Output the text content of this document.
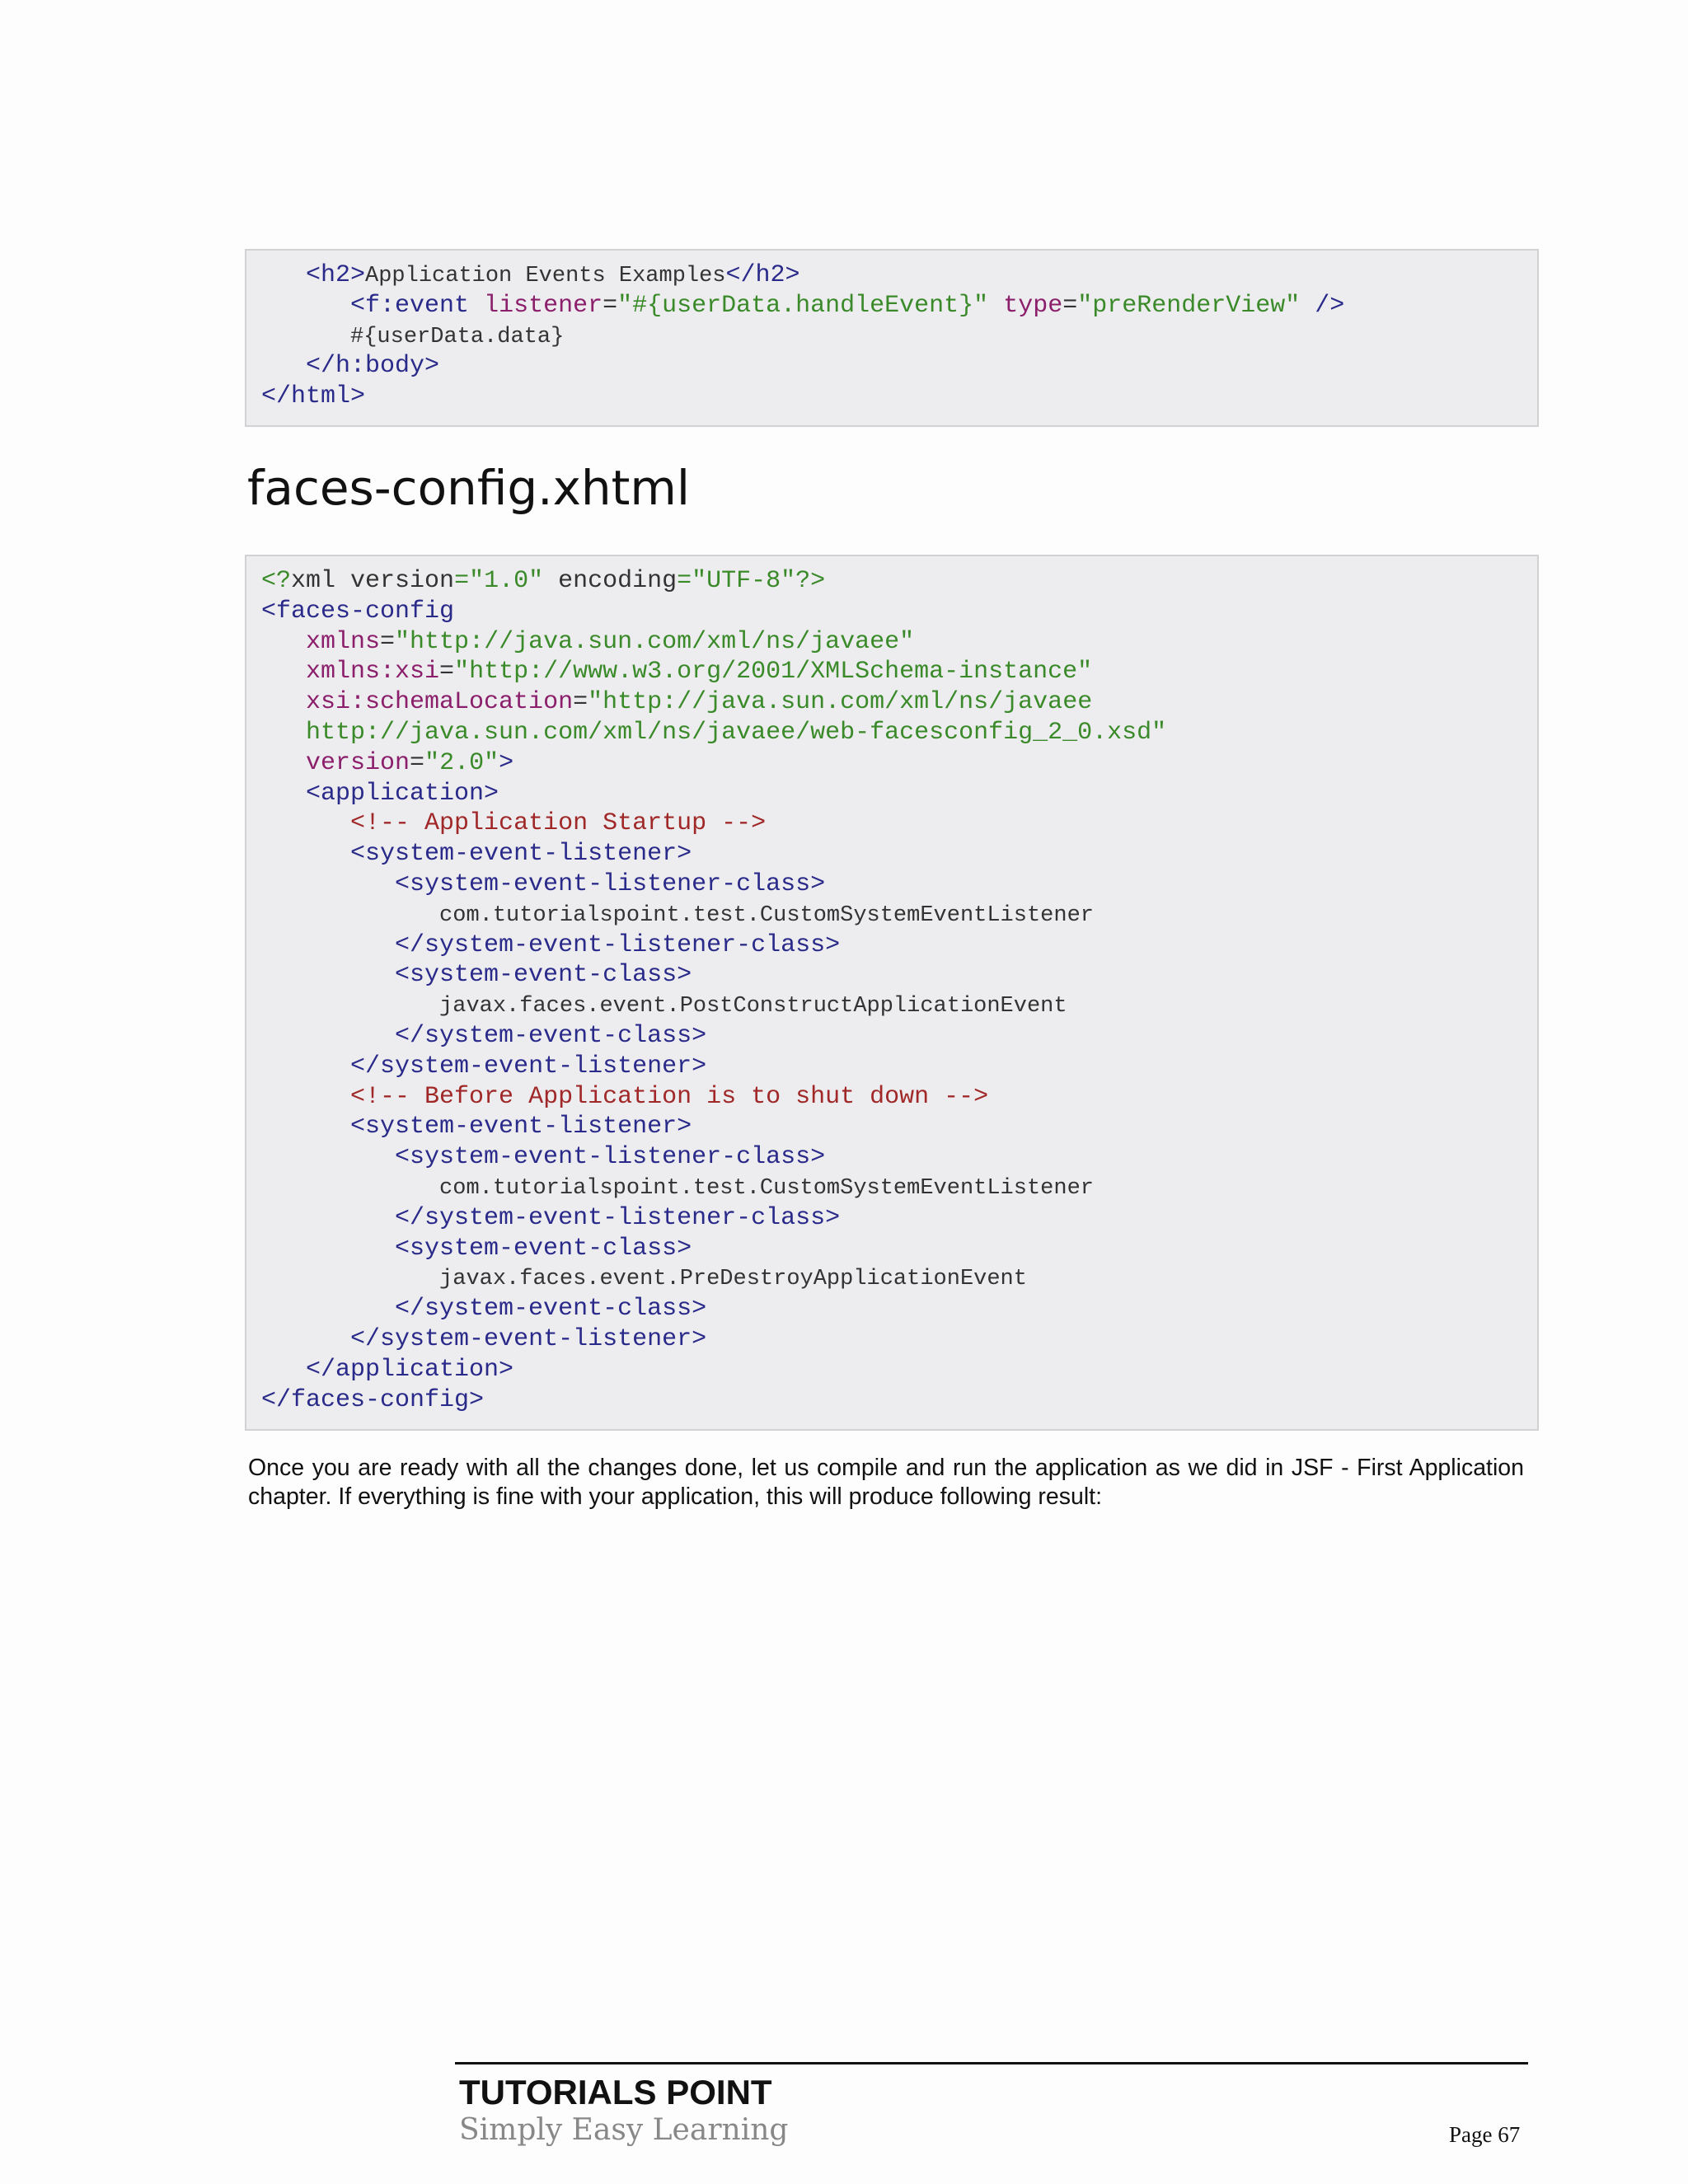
<h2>Application Events Examples</h2>
<f:event listener="#{userData.handleEvent}" type="preRenderView" />
#{userData.data}
</h:body>
</html>
faces-config.xhtml
<?xml version="1.0" encoding="UTF-8"?>
<faces-config
xmlns="http://java.sun.com/xml/ns/javaee"
xmlns:xsi="http://www.w3.org/2001/XMLSchema-instance"
xsi:schemaLocation="http://java.sun.com/xml/ns/javaee
http://java.sun.com/xml/ns/javaee/web-facesconfig_2_0.xsd"
version="2.0">
<application>
<!-- Application Startup -->
<system-event-listener>
<system-event-listener-class>
com.tutorialspoint.test.CustomSystemEventListener
</system-event-listener-class>
<system-event-class>
javax.faces.event.PostConstructApplicationEvent
</system-event-class>
</system-event-listener>
<!-- Before Application is to shut down -->
<system-event-listener>
<system-event-listener-class>
com.tutorialspoint.test.CustomSystemEventListener
</system-event-listener-class>
<system-event-class>
javax.faces.event.PreDestroyApplicationEvent
</system-event-class>
</system-event-listener>
</application>
</faces-config>

Once you are ready with all the changes done, let us compile and run the application as we did in JSF - First Application chapter. If everything is fine with your application, this will produce following result:

TUTORIALS POINT
Simply Easy Learning	Page 67
